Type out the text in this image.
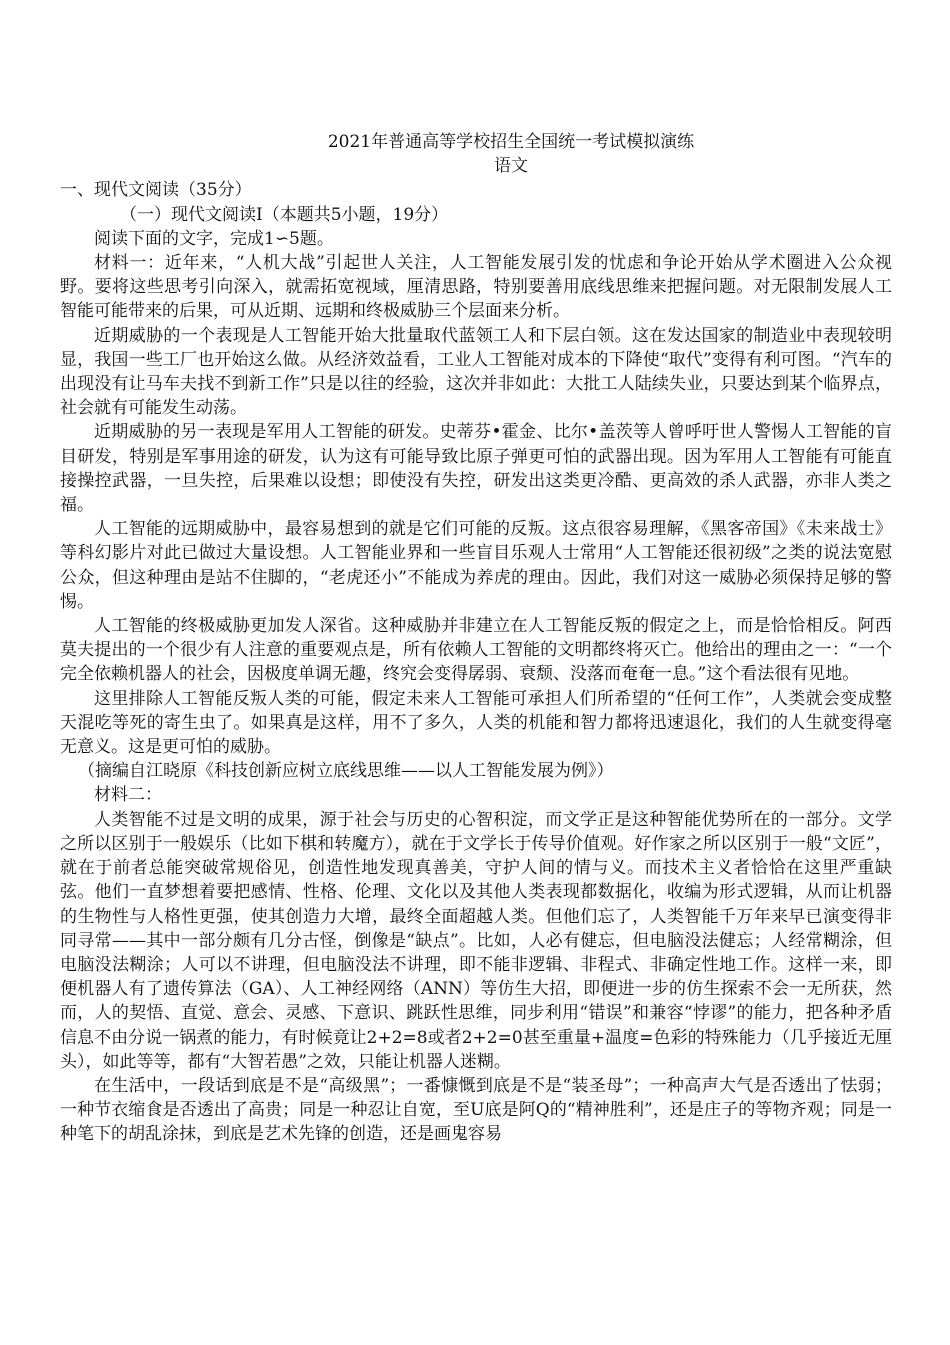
2021年普通高等学校招生全国统一考试模拟演练
语文

一、现代文阅读（35分）

（一）现代文阅读Ⅰ（本题共5小题，19分）

阅读下面的文字，完成1∽5题。

材料一：近年来，“人机大战”引起世人关注，人工智能发展引发的忧虑和争论开始从学术圈进入公众视野。要将这些思考引向深入，就需拓宽视域，厘清思路，特别要善用底线思维来把握问题。对无限制发展人工智能可能带来的后果，可从近期、远期和终极威胁三个层面来分析。

近期威胁的一个表现是人工智能开始大批量取代蓝领工人和下层白领。这在发达国家的制造业中表现较明显，我国一些工厂也开始这么做。从经济效益看，工业人工智能对成本的下降使“取代”变得有利可图。“汽车的出现没有让马车夫找不到新工作”只是以往的经验，这次并非如此：大批工人陆续失业，只要达到某个临界点，社会就有可能发生动荡。

近期威胁的另一表现是军用人工智能的研发。史蒂芬•霍金、比尔•盖茨等人曾呼吁世人警惕人工智能的盲目研发，特别是军事用途的研发，认为这有可能导致比原子弹更可怕的武器出现。因为军用人工智能有可能直接操控武器，一旦失控，后果难以设想；即使没有失控，研发出这类更冷酷、更高效的杀人武器，亦非人类之福。

人工智能的远期威胁中，最容易想到的就是它们可能的反叛。这点很容易理解，《黑客帝国》《未来战士》等科幻影片对此已做过大量设想。人工智能业界和一些盲目乐观人士常用“人工智能还很初级”之类的说法宽慰公众，但这种理由是站不住脚的，“老虎还小”不能成为养虎的理由。因此，我们对这一威胁必须保持足够的警惕。

人工智能的终极威胁更加发人深省。这种威胁并非建立在人工智能反叛的假定之上，而是恰恰相反。阿西莫夫提出的一个很少有人注意的重要观点是，所有依赖人工智能的文明都终将灭亡。他给出的理由之一：“一个完全依赖机器人的社会，因极度单调无趣，终究会变得孱弱、衰颓、没落而奄奄一息。”这个看法很有见地。

这里排除人工智能反叛人类的可能，假定未来人工智能可承担人们所希望的“任何工作”，人类就会变成整天混吃等死的寄生虫了。如果真是这样，用不了多久，人类的机能和智力都将迅速退化，我们的人生就变得毫无意义。这是更可怕的威胁。

（摘编自江晓原《科技创新应树立底线思维——以人工智能发展为例》）

材料二：

人类智能不过是文明的成果，源于社会与历史的心智积淀，而文学正是这种智能优势所在的一部分。文学之所以区别于一般娱乐（比如下棋和转魔方），就在于文学长于传导价值观。好作家之所以区别于一般“文匠”，就在于前者总能突破常规俗见，创造性地发现真善美，守护人间的情与义。而技术主义者恰恰在这里严重缺弦。他们一直梦想着要把感情、性格、伦理、文化以及其他人类表现都数据化，收编为形式逻辑，从而让机器的生物性与人格性更强，使其创造力大增，最终全面超越人类。但他们忘了，人类智能千万年来早已演变得非同寻常——其中一部分颇有几分古怪，倒像是“缺点”。比如，人必有健忘，但电脑没法健忘；人经常糊涂，但电脑没法糊涂；人可以不讲理，但电脑没法不讲理，即不能非逻辑、非程式、非确定性地工作。这样一来，即便机器人有了遗传算法（GA）、人工神经网络（ANN）等仿生大招，即便进一步的仿生探索不会一无所获，然而，人的契悟、直觉、意会、灵感、下意识、跳跃性思维，同步利用“错误”和兼容“悖谬”的能力，把各种矛盾信息不由分说一锅煮的能力，有时候竟让2+2=8或者2+2=0甚至重量+温度=色彩的特殊能力（几乎接近无厘头），如此等等，都有“大智若愚”之效，只能让机器人迷糊。

在生活中，一段话到底是不是“高级黑”；一番慷慨到底是不是“装圣母”；一种高声大气是否透出了怯弱；一种节衣缩食是否透出了高贵；同是一种忍让自宽，至U底是阿Q的“精神胜利”，还是庄子的等物齐观；同是一种笔下的胡乱涂抹，到底是艺术先锋的创造，还是画鬼容易
